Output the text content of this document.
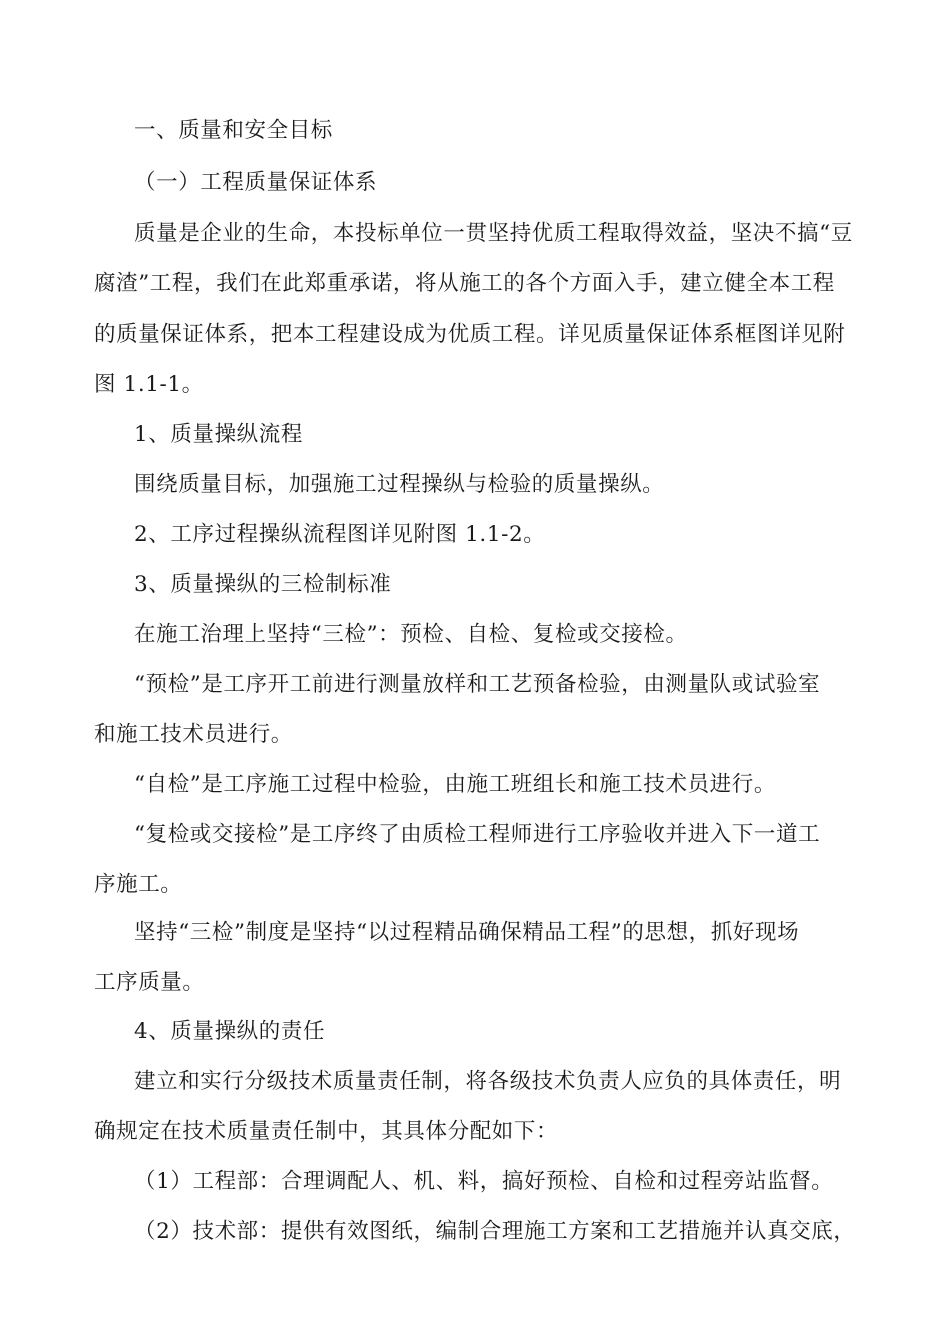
一、质量和安全目标
（一）工程质量保证体系
质量是企业的生命，本投标单位一贯坚持优质工程取得效益，坚决不搞“豆
腐渣”工程，我们在此郑重承诺，将从施工的各个方面入手，建立健全本工程
的质量保证体系，把本工程建设成为优质工程。详见质量保证体系框图详见附
图 1.1-1。
1、质量操纵流程
围绕质量目标，加强施工过程操纵与检验的质量操纵。
2、工序过程操纵流程图详见附图 1.1-2。
3、质量操纵的三检制标准
在施工治理上坚持“三检”：预检、自检、复检或交接检。
“预检”是工序开工前进行测量放样和工艺预备检验，由测量队或试验室
和施工技术员进行。
“自检”是工序施工过程中检验，由施工班组长和施工技术员进行。
“复检或交接检”是工序终了由质检工程师进行工序验收并进入下一道工
序施工。
坚持“三检”制度是坚持“以过程精品确保精品工程”的思想，抓好现场
工序质量。
4、质量操纵的责任
建立和实行分级技术质量责任制，将各级技术负责人应负的具体责任，明
确规定在技术质量责任制中，其具体分配如下：
（1）工程部：合理调配人、机、料，搞好预检、自检和过程旁站监督。
（2）技术部：提供有效图纸，编制合理施工方案和工艺措施并认真交底，
